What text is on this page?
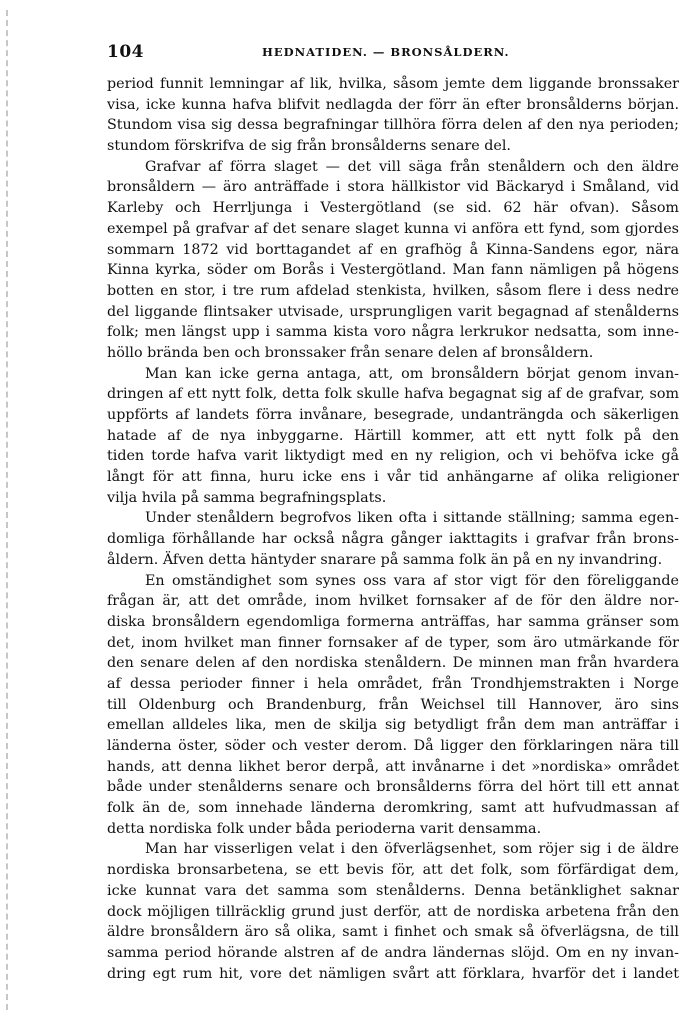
104	HEDNATIDEN. — BRONSÅLDERN.
period funnit lemningar af lik, hvilka, såsom jemte dem liggande bronssaker
visa, icke kunna hafva blifvit nedlagda der förr än efter bronsålderns början.
Stundom visa sig dessa begrafningar tillhöra förra delen af den nya perioden;
stundom förskrifva de sig från bronsålderns senare del.
Grafvar af förra slaget — det vill säga från stenåldern och den äldre
bronsåldern — äro anträffade i stora hällkistor vid Bäckaryd i Småland, vid
Karleby och Herrljunga i Vestergötland (se sid. 62 här ofvan). Såsom
exempel på grafvar af det senare slaget kunna vi anföra ett fynd, som gjordes
sommarn 1872 vid borttagandet af en grafhög å Kinna-Sandens egor, nära
Kinna kyrka, söder om Borås i Vestergötland. Man fann nämligen på högens
botten en stor, i tre rum afdelad stenkista, hvilken, såsom flere i dess nedre
del liggande flintsaker utvisade, ursprungligen varit begagnad af stenålderns
folk; men längst upp i samma kista voro några lerkrukor nedsatta, som inne-
höllo brända ben och bronssaker från senare delen af bronsåldern.
Man kan icke gerna antaga, att, om bronsåldern börjat genom invan-
dringen af ett nytt folk, detta folk skulle hafva begagnat sig af de grafvar, som
uppförts af landets förra invånare, besegrade, undanträngda och säkerligen
hatade af de nya inbyggarne. Härtill kommer, att ett nytt folk på den
tiden torde hafva varit liktydigt med en ny religion, och vi behöfva icke gå
långt för att finna, huru icke ens i vår tid anhängarne af olika religioner
vilja hvila på samma begrafningsplats.
Under stenåldern begrofvos liken ofta i sittande ställning; samma egen-
domliga förhållande har också några gånger iakttagits i grafvar från brons-
åldern. Äfven detta häntyder snarare på samma folk än på en ny invandring.
En omständighet som synes oss vara af stor vigt för den föreliggande
frågan är, att det område, inom hvilket fornsaker af de för den äldre nor-
diska bronsåldern egendomliga formerna anträffas, har samma gränser som
det, inom hvilket man finner fornsaker af de typer, som äro utmärkande för
den senare delen af den nordiska stenåldern. De minnen man från hvardera
af dessa perioder finner i hela området, från Trondhjemstrakten i Norge
till Oldenburg och Brandenburg, från Weichsel till Hannover, äro sins
emellan alldeles lika, men de skilja sig betydligt från dem man anträffar i
länderna öster, söder och vester derom. Då ligger den förklaringen nära till
hands, att denna likhet beror derpå, att invånarne i det »nordiska» området
både under stenålderns senare och bronsålderns förra del hört till ett annat
folk än de, som innehade länderna deromkring, samt att hufvudmassan af
detta nordiska folk under båda perioderna varit densamma.
Man har visserligen velat i den öfverlägsenhet, som röjer sig i de äldre
nordiska bronsarbetena, se ett bevis för, att det folk, som förfärdigat dem,
icke kunnat vara det samma som stenålderns. Denna betänklighet saknar
dock möjligen tillräcklig grund just derför, att de nordiska arbetena från den
äldre bronsåldern äro så olika, samt i finhet och smak så öfverlägsna, de till
samma period hörande alstren af de andra ländernas slöjd. Om en ny invan-
dring egt rum hit, vore det nämligen svårt att förklara, hvarför det i landet
